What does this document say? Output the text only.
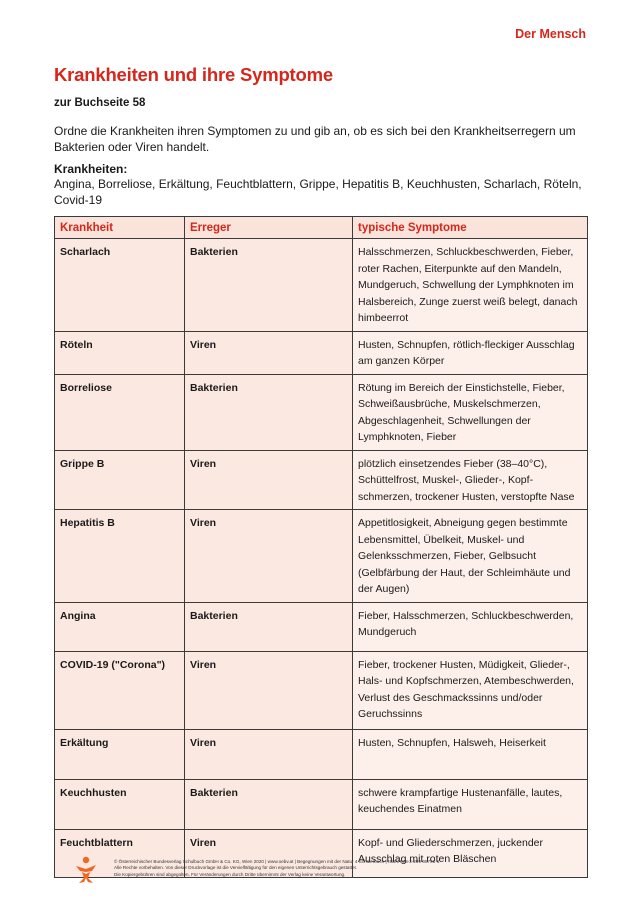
Der Mensch
Krankheiten und ihre Symptome
zur Buchseite 58
Ordne die Krankheiten ihren Symptomen zu und gib an, ob es sich bei den Krankheitserregern um Bakterien oder Viren handelt.
Krankheiten:
Angina, Borreliose, Erkältung, Feuchtblattern, Grippe, Hepatitis B, Keuchhusten, Scharlach, Röteln, Covid-19
Krankheit	Erreger	typische Symptome
Scharlach	Bakterien	Halsschmerzen, Schluckbeschwerden, Fieber, roter Rachen, Eiterpunkte auf den Mandeln, Mundgeruch, Schwellung der Lymphknoten im Halsbereich, Zunge zuerst weiß belegt, danach himbeerrot
Röteln	Viren	Husten, Schnupfen, rötlich-fleckiger Ausschlag am ganzen Körper
Borreliose	Bakterien	Rötung im Bereich der Einstichstelle, Fieber, Schweißausbrüche, Muskelschmerzen, Abgeschlagenheit, Schwellungen der Lymphknoten, Fieber
Grippe B	Viren	plötzlich einsetzendes Fieber (38–40°C), Schüttelfrost, Muskel-, Glieder-, Kopf-schmerzen, trockener Husten, verstopfte Nase
Hepatitis B	Viren	Appetitlosigkeit, Abneigung gegen bestimmte Lebensmittel, Übelkeit, Muskel- und Gelenksschmerzen, Fieber, Gelbsucht (Gelbfärbung der Haut, der Schleimhäute und der Augen)
Angina	Bakterien	Fieber, Halsschmerzen, Schluckbeschwerden, Mundgeruch
COVID-19 ("Corona")	Viren	Fieber, trockener Husten, Müdigkeit, Glieder-, Hals- und Kopfschmerzen, Atembeschwerden, Verlust des Geschmackssinns und/oder Geruchssinns
Erkältung	Viren	Husten, Schnupfen, Halsweh, Heiserkeit
Keuchhusten	Bakterien	schwere krampfartige Hustenanfälle, lautes, keuchendes Einatmen
Feuchtblattern	Viren	Kopf- und Gliederschmerzen, juckender Ausschlag mit roten Bläschen
© Österreichischer Bundesverlag Schulbuch GmbH & Co. KG, Wien 2020 | www.oebv.at | Begegnungen mit der Natur 4 Schülerbuch | ISBN 978-3-209-08791-1
Alle Rechte vorbehalten. Von dieser Druckvorlage ist die Vervielfältigung für den eigenen Unterrichtsgebrauch gestattet.
Die Kopiergebühren sind abgegolten. Für Veränderungen durch Dritte übernimmt der Verlag keine Verantwortung.
